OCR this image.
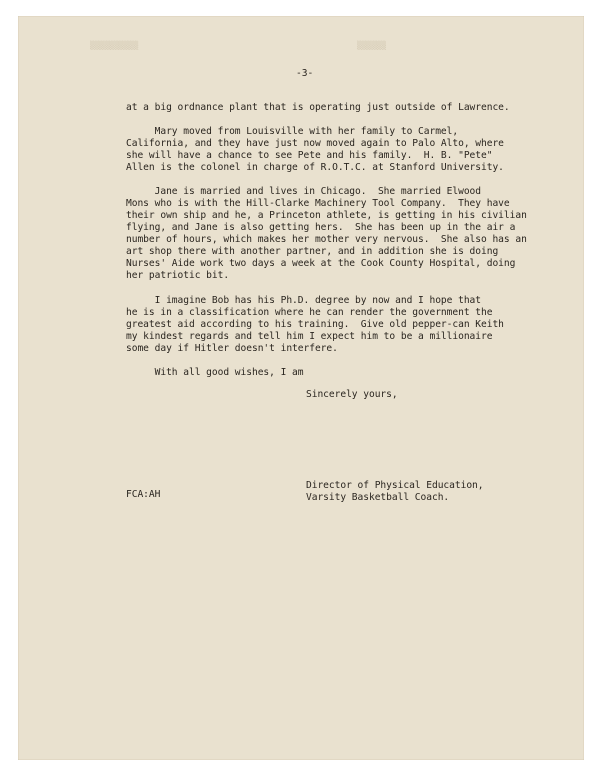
▒▒▒▒▒▒▒▒▒▒	▒▒▒▒▒▒
-3-
at a big ordnance plant that is operating just outside of Lawrence.
Mary moved from Louisville with her family to Carmel,
California, and they have just now moved again to Palo Alto, where
she will have a chance to see Pete and his family.  H. B. "Pete"
Allen is the colonel in charge of R.O.T.C. at Stanford University.
Jane is married and lives in Chicago.  She married Elwood
Mons who is with the Hill-Clarke Machinery Tool Company.  They have
their own ship and he, a Princeton athlete, is getting in his civilian
flying, and Jane is also getting hers.  She has been up in the air a
number of hours, which makes her mother very nervous.  She also has an
art shop there with another partner, and in addition she is doing
Nurses' Aide work two days a week at the Cook County Hospital, doing
her patriotic bit.
I imagine Bob has his Ph.D. degree by now and I hope that
he is in a classification where he can render the government the
greatest aid according to his training.  Give old pepper-can Keith
my kindest regards and tell him I expect him to be a millionaire
some day if Hitler doesn't interfere.
With all good wishes, I am
Sincerely yours,
Director of Physical Education,
Varsity Basketball Coach.
FCA:AH
